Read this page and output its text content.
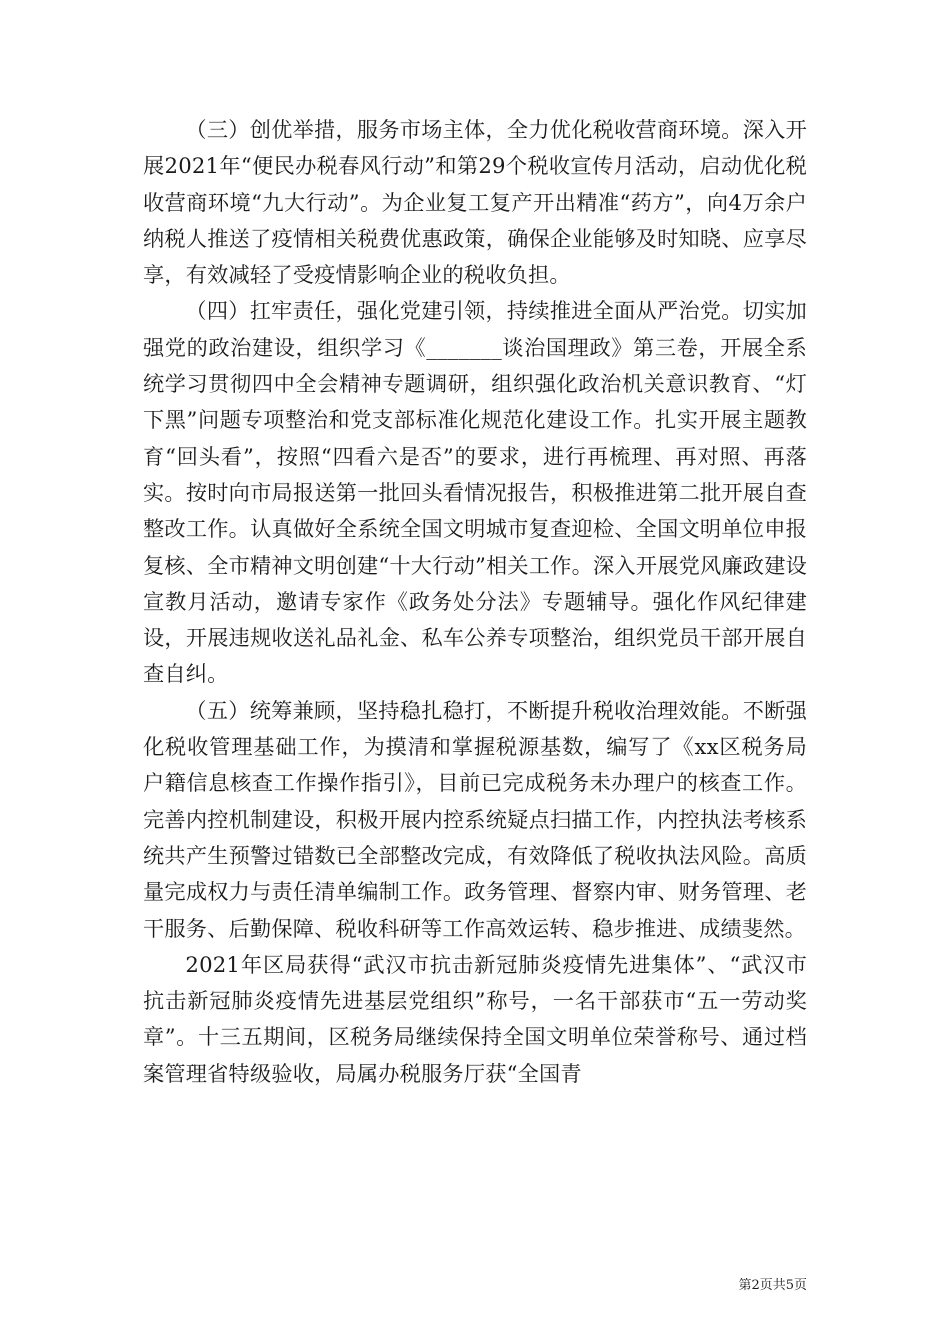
（三）创优举措，服务市场主体，全力优化税收营商环境。深入开展2021年“便民办税春风行动”和第29个税收宣传月活动，启动优化税收营商环境“九大行动”。为企业复工复产开出精准“药方”，向4万余户纳税人推送了疫情相关税费优惠政策，确保企业能够及时知晓、应享尽享，有效减轻了受疫情影响企业的税收负担。

（四）扛牢责任，强化党建引领，持续推进全面从严治党。切实加强党的政治建设，组织学习《_______谈治国理政》第三卷，开展全系统学习贯彻四中全会精神专题调研，组织强化政治机关意识教育、“灯下黑”问题专项整治和党支部标准化规范化建设工作。扎实开展主题教育“回头看”，按照“四看六是否”的要求，进行再梳理、再对照、再落实。按时向市局报送第一批回头看情况报告，积极推进第二批开展自查整改工作。认真做好全系统全国文明城市复查迎检、全国文明单位申报复核、全市精神文明创建“十大行动”相关工作。深入开展党风廉政建设宣教月活动，邀请专家作《政务处分法》专题辅导。强化作风纪律建设，开展违规收送礼品礼金、私车公养专项整治，组织党员干部开展自查自纠。

（五）统筹兼顾，坚持稳扎稳打，不断提升税收治理效能。不断强化税收管理基础工作，为摸清和掌握税源基数，编写了《xx区税务局户籍信息核查工作操作指引》，目前已完成税务未办理户的核查工作。完善内控机制建设，积极开展内控系统疑点扫描工作，内控执法考核系统共产生预警过错数已全部整改完成，有效降低了税收执法风险。高质量完成权力与责任清单编制工作。政务管理、督察内审、财务管理、老干服务、后勤保障、税收科研等工作高效运转、稳步推进、成绩斐然。

2021年区局获得“武汉市抗击新冠肺炎疫情先进集体”、“武汉市抗击新冠肺炎疫情先进基层党组织”称号，一名干部获市“五一劳动奖章”。十三五期间，区税务局继续保持全国文明单位荣誉称号、通过档案管理省特级验收，局属办税服务厅获“全国青

第2页共5页
